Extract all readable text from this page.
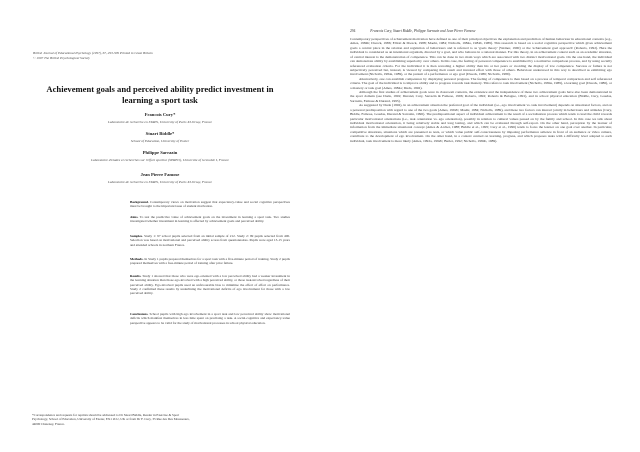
British Journal of Educational Psychology (1997), 67, 293-309 Printed in Great Britain
© 1997 The British Psychological Society
Achievement goals and perceived ability predict investment in learning a sport task
Francois Cury*
Laboratoire de recherche en STAPS, University of Paris XI-Orsay, France
Stuart Biddle*
School of Education, University of Exeter
Philippe Sarrazin
Laboratoire d'etudes et recherches sur l'effort sportive (SEREO), Universite of Grenoble I, France
Jean Pierre Famose
Laboratoire de recherche en STAPS, University of Paris XI-Orsay, France
Background. Contemporary views on motivation suggest that expectancy-value and social cognitive perspectives must be brought to the important issue of student motivation.
Aims. To test the predictive value of achievement goals on the investment in learning a sport task. Two studies investigated whether investment in learning is affected by achievement goals and perceived ability.
Samples. Study 1: 97 school pupils selected from an initial sample of 212. Study 2: 99 pupils selected from 400. Selection was based on motivational and perceived ability scores from questionnaires. Pupils were aged 13-15 years and attended schools in northern France.
Methods. In Study 1 pupils prepared themselves for a sport task with a five-minute period of training. Study 2 pupils prepared themselves with a free-minute period of training after prior failure.
Results. Study 1 showed that those who were ego-oriented with a low perceived ability had a weaker investment in the learning situation than those ego-involved with a high perceived ability, or those task-involved regardless of their perceived ability. Ego-involved pupils used an unfavourable bias to minimise the effect of effort on performance. Study 2 confirmed these results by underlining the motivational deficits of ego involvement for those with a low perceived ability.
Conclusions. School pupils with high ego involvement in a sport task and low perceived ability show motivational deficits which manifest themselves in less time spent on practising a task. A social-cognitive and expectancy-value perspective appears to be valid for the study of motivational processes in school physical education.
*Correspondence and requests for reprints should be addressed to Dr Stuart Biddle, Reader in Exercise & Sport Psychology, School of Education, University of Exeter, EX1 2LU, UK or from Dr F. Cury, 35 Rue des Des Mousseaux, 44000 Chatenay, France.
294	Francois Cury, Stuart Biddle, Philippe Sarrazin and Jean Pierre Famose

Contemporary perspectives of achievement motivation have defined as one of their principal objectives the explanation and prediction of human behaviour in educational contexts (e.g., Ames, 1984b; Dweck, 1986; Elliott & Dweck, 1988; Maehr, 1984; Nicholls, 1984a, 1984b, 1989). This research is based on a social cognitive perspective which gives achievement goals a central place in the relation and regulation of behaviours and is referred to as 'goals theory' (Weiner, 1990) or the 'achievement goal approach' (Roberts, 1992). Here the individual is considered as an intentional organism, directed by a goal, and who behaves in a rational manner. For this theory, in an achievement context such as an academic situation, of central interest is the demonstration of competence. This can be done in two main ways which are associated with two distinct motivational goals. On the one hand, the individual can demonstrate ability by establishing superiority over others. In this case, the feeling of personal competence is established by a normative comparison process, and by using socially referenced evaluation criteria. For the individual it is then revealing a higher ability than his or her peers or avoiding the display of low competence. Success or failure is not subjectively perceived but, instead, is viewed by comparing their result and invested effort with those of others. Behaviour understood in this way is described as exhibiting ego involvement (Nicholls, 1984a, 1989), or the pursuit of a performance or ego goal (Dweck, 1986; Nicholls, 1989).

Alternatively, one can establish competence by displaying personal progress. The feeling of competence is then based on a process of temporal comparison and self referenced criteria. The goal of the individual is to improve ability and to progress towards task mastery. This refers to task involvement (Nicholls, 1984a, 1989), a learning goal (Dweck, 1986), or a mastery or task goal (Ames, 1984a; Duda, 1992).

Although the first studies of achievement goals were in classroom contexts, the existence and the independence of these two achievement goals have also been demonstrated in the sport domain (see Duda, 1992; Durand, Cury, Sarrazin & Famose, 1996; Roberts, 1992; Roberts & Balague, 1991), and in school physical education (Biddle, Cury, Goudas, Sarrazin, Famose & Durand, 1995).

As suggested by Duda (1992), in an achievement situation the preferred goal of the individual (i.e., ego involvement vs. task involvement) depends on situational factors, and on a personal predisposition with regard to one of the two goals (Ames, 1992b; Maehr, 1984; Nicholls, 1989), and these two factors can interact jointly in behaviours and attitudes (Cury, Biddle, Famose, Goudas, Durand & Sarrazin, 1996). The predispositional aspect of individual achievement is the result of a socialisation process which tends to lead the child towards particular motivational orientations (i.e., task orientation vs. ego orientation), possibly in relation to cultural values passed on by the family and school. In this case we talk about individual motivational orientation, it being relatively stable and long lasting, and which can be evaluated through self-report. On the other hand, perception by the learner of information from the immediate situational concept (Ames & Archer, 1988; Biddle et al., 1995; Cury et al., 1996) tends to focus the learner on one goal over another. In particular, competitive situations, situations which are presented as tests, or which value public self-consciousness by imposing performance salience in front of an audience or video camera, contribute to the development of ego involvement. On the other hand, in a context centred on learning, progress, and which proposes tasks with a difficulty level adapted to each individual, task involvement is more likely (Ames, 1992a, 1992b; Butler, 1992; Nicholls, 1984b, 1989).
